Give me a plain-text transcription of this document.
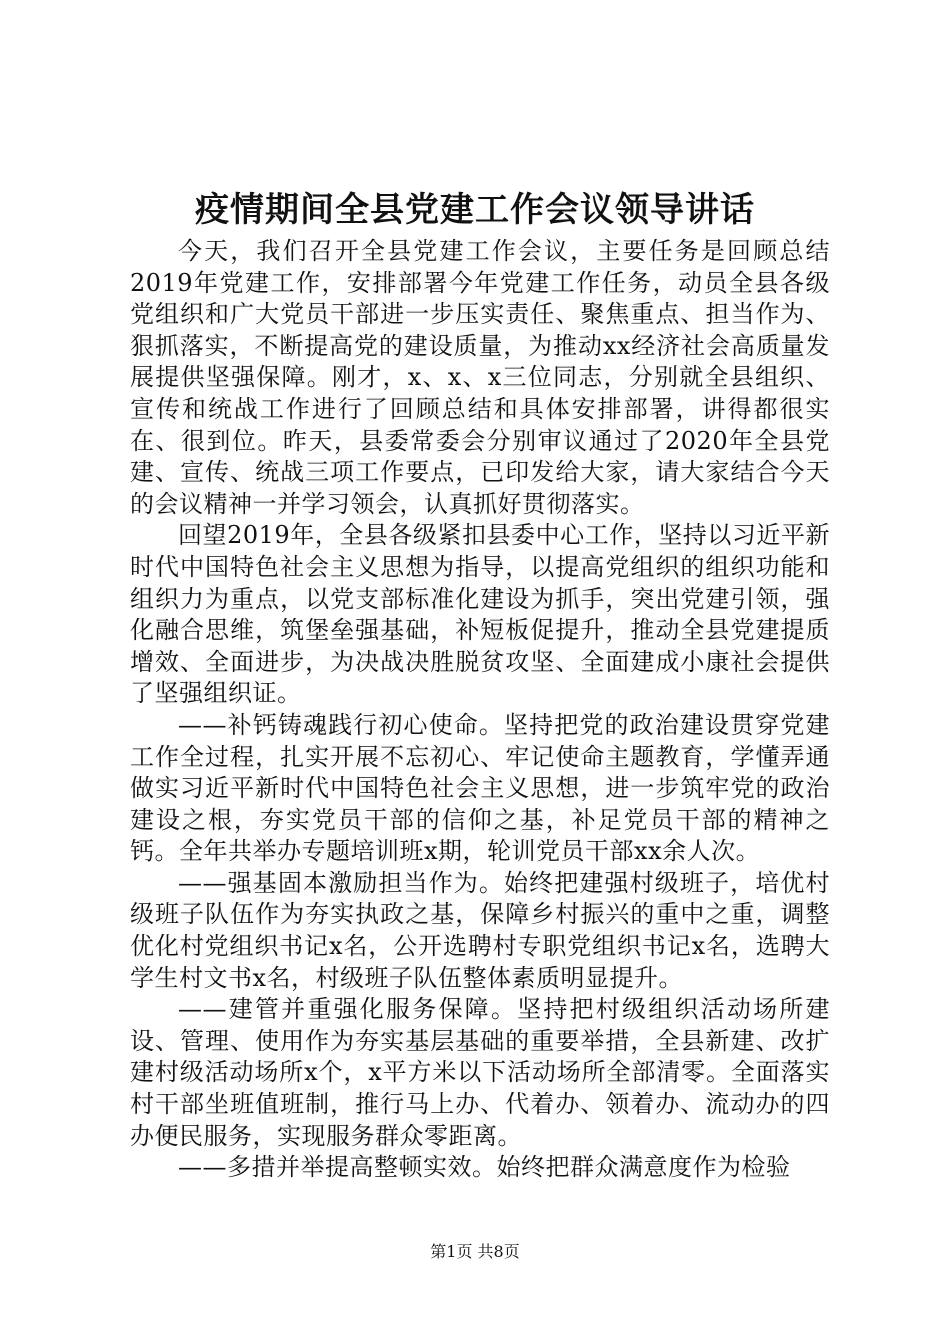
疫情期间全县党建工作会议领导讲话

今天，我们召开全县党建工作会议，主要任务是回顾总结2019年党建工作，安排部署今年党建工作任务，动员全县各级党组织和广大党员干部进一步压实责任、聚焦重点、担当作为、狠抓落实，不断提高党的建设质量，为推动xx经济社会高质量发展提供坚强保障。刚才，x、x、x三位同志，分别就全县组织、宣传和统战工作进行了回顾总结和具体安排部署，讲得都很实在、很到位。昨天，县委常委会分别审议通过了2020年全县党建、宣传、统战三项工作要点，已印发给大家，请大家结合今天的会议精神一并学习领会，认真抓好贯彻落实。

回望2019年，全县各级紧扣县委中心工作，坚持以习近平新时代中国特色社会主义思想为指导，以提高党组织的组织功能和组织力为重点，以党支部标准化建设为抓手，突出党建引领，强化融合思维，筑堡垒强基础，补短板促提升，推动全县党建提质增效、全面进步，为决战决胜脱贫攻坚、全面建成小康社会提供了坚强组织证。

——补钙铸魂践行初心使命。坚持把党的政治建设贯穿党建工作全过程，扎实开展不忘初心、牢记使命主题教育，学懂弄通做实习近平新时代中国特色社会主义思想，进一步筑牢党的政治建设之根，夯实党员干部的信仰之基，补足党员干部的精神之钙。全年共举办专题培训班x期，轮训党员干部xx余人次。

——强基固本激励担当作为。始终把建强村级班子，培优村级班子队伍作为夯实执政之基，保障乡村振兴的重中之重，调整优化村党组织书记x名，公开选聘村专职党组织书记x名，选聘大学生村文书x名，村级班子队伍整体素质明显提升。

——建管并重强化服务保障。坚持把村级组织活动场所建设、管理、使用作为夯实基层基础的重要举措，全县新建、改扩建村级活动场所x个，x平方米以下活动场所全部清零。全面落实村干部坐班值班制，推行马上办、代着办、领着办、流动办的四办便民服务，实现服务群众零距离。

——多措并举提高整顿实效。始终把群众满意度作为检验

第1页 共8页
